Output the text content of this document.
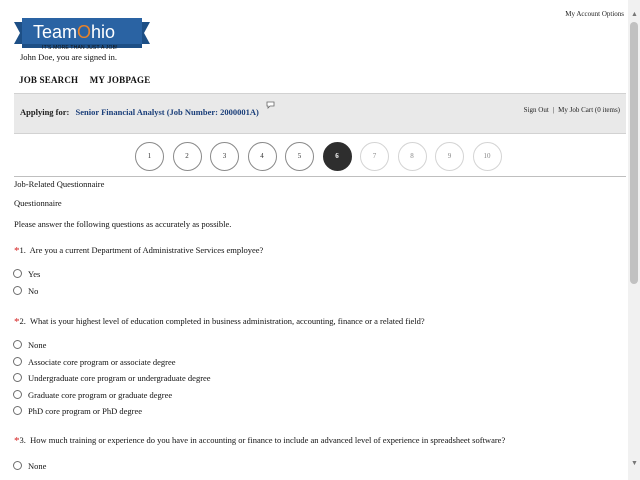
My Account Options
TeamOhio
IT'S MORE THAN JUST A JOB!
John Doe, you are signed in.
JOB SEARCH MY JOBPAGE
Applying for: Senior Financial Analyst (Job Number: 2000001A)	Sign Out | My Job Cart (0 items)
1	2	3	4	5	6	7	8	9	10
Job-Related Questionnaire
Questionnaire
Please answer the following questions as accurately as possible.
*1. Are you a current Department of Administrative Services employee?
Yes
No
*2. What is your highest level of education completed in business administration, accounting, finance or a related field?
None
Associate core program or associate degree
Undergraduate core program or undergraduate degree
Graduate core program or graduate degree
PhD core program or PhD degree
*3. How much training or experience do you have in accounting or finance to include an advanced level of experience in spreadsheet software?
None
▲
▼
